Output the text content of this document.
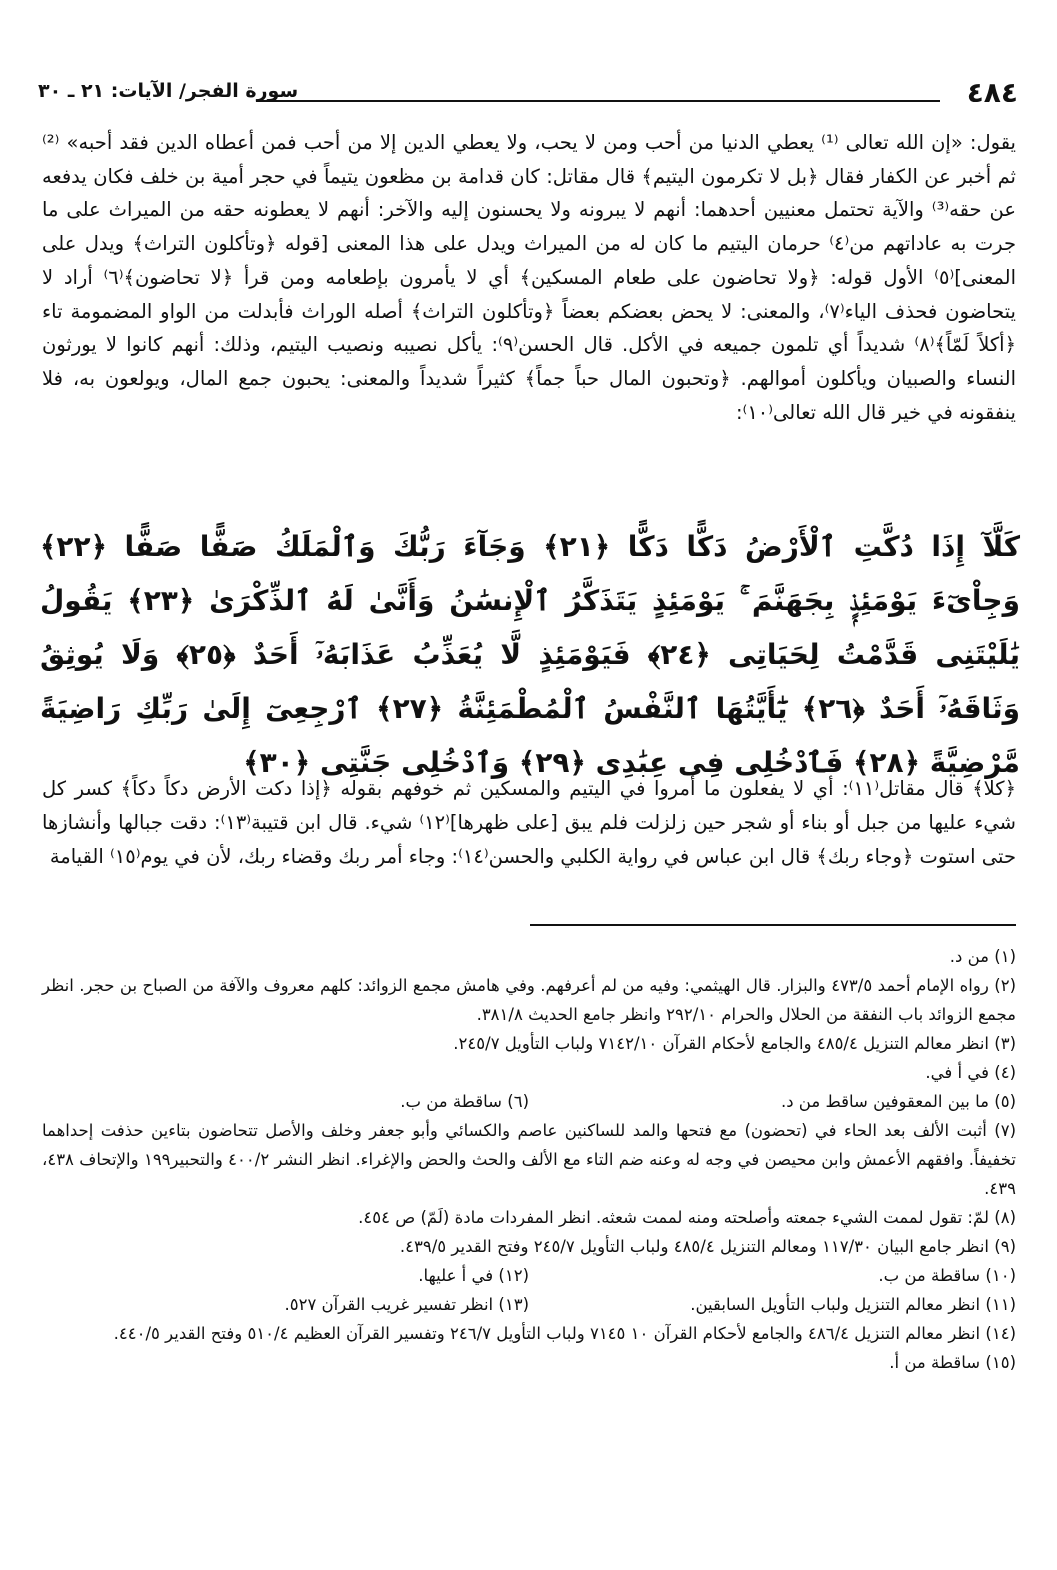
٤٨٤
سورة الفجر/ الآيات: ٢١ ـ ٣٠

يقول: «إن الله تعالى ⁽¹⁾ يعطي الدنيا من أحب ومن لا يحب، ولا يعطي الدين إلا من أحب فمن أعطاه الدين فقد أحبه» ⁽²⁾ ثم أخبر عن الكفار فقال ﴿بل لا تكرمون اليتيم﴾ قال مقاتل: كان قدامة بن مظعون يتيماً في حجر أمية بن خلف فكان يدفعه عن حقه⁽³⁾ والآية تحتمل معنيين أحدهما: أنهم لا يبرونه ولا يحسنون إليه والآخر: أنهم لا يعطونه حقه من الميراث على ما جرت به عاداتهم من⁽٤⁾ حرمان اليتيم ما كان له من الميراث ويدل على هذا المعنى [قوله ﴿وتأكلون التراث﴾ ويدل على المعنى]⁽٥⁾ الأول قوله: ﴿ولا تحاضون على طعام المسكين﴾ أي لا يأمرون بإطعامه ومن قرأ ﴿لا تحاضون﴾⁽٦⁾ أراد لا يتحاضون فحذف الياء⁽٧⁾، والمعنى: لا يحض بعضكم بعضاً ﴿وتأكلون التراث﴾ أصله الوراث فأبدلت من الواو المضمومة تاء ﴿أكلاً لَمّاً﴾⁽٨⁾ شديداً أي تلمون جميعه في الأكل. قال الحسن⁽٩⁾: يأكل نصيبه ونصيب اليتيم، وذلك: أنهم كانوا لا يورثون النساء والصبيان ويأكلون أموالهم. ﴿وتحبون المال حباً جماً﴾ كثيراً شديداً والمعنى: يحبون جمع المال، ويولعون به، فلا ينفقونه في خير قال الله تعالى⁽١٠⁾:

كَلَّآ إِذَا دُكَّتِ ٱلْأَرْضُ دَكًّا دَكًّا ﴿٢١﴾ وَجَآءَ رَبُّكَ وَٱلْمَلَكُ صَفًّا صَفًّا ﴿٢٢﴾ وَجِاْىٓءَ يَوْمَئِذٍۭ بِجَهَنَّمَ ۚ يَوْمَئِذٍ يَتَذَكَّرُ ٱلْإِنسَٰنُ وَأَنَّىٰ لَهُ ٱلذِّكْرَىٰ ﴿٢٣﴾ يَقُولُ يَٰلَيْتَنِى قَدَّمْتُ لِحَيَاتِى ﴿٢٤﴾ فَيَوْمَئِذٍ لَّا يُعَذِّبُ عَذَابَهُۥٓ أَحَدٌ ﴿٢٥﴾ وَلَا يُوثِقُ وَثَاقَهُۥٓ أَحَدٌ ﴿٢٦﴾ يَٰٓأَيَّتُهَا ٱلنَّفْسُ ٱلْمُطْمَئِنَّةُ ﴿٢٧﴾ ٱرْجِعِىٓ إِلَىٰ رَبِّكِ رَاضِيَةً مَّرْضِيَّةً ﴿٢٨﴾ فَٱدْخُلِى فِى عِبَٰدِى ﴿٢٩﴾ وَٱدْخُلِى جَنَّتِى ﴿٣٠﴾

﴿كلا﴾ قال مقاتل⁽١١⁾: أي لا يفعلون ما أمروا في اليتيم والمسكين ثم خوفهم بقوله ﴿إذا دكت الأرض دكاً دكاً﴾ كسر كل شيء عليها من جبل أو بناء أو شجر حين زلزلت فلم يبق [على ظهرها]⁽١٢⁾ شيء. قال ابن قتيبة⁽١٣⁾: دقت جبالها وأنشازها حتى استوت ﴿وجاء ربك﴾ قال ابن عباس في رواية الكلبي والحسن⁽١٤⁾: وجاء أمر ربك وقضاء ربك، لأن في يوم⁽١٥⁾ القيامة

(١) من د.

(٢) رواه الإمام أحمد ٤٧٣/٥ والبزار. قال الهيثمي: وفيه من لم أعرفهم. وفي هامش مجمع الزوائد: كلهم معروف والآفة من الصباح بن حجر. انظر مجمع الزوائد باب النفقة من الحلال والحرام ٢٩٢/١٠ وانظر جامع الحديث ٣٨١/٨.

(٣) انظر معالم التنزيل ٤٨٥/٤ والجامع لأحكام القرآن ٧١٤٢/١٠ ولباب التأويل ٢٤٥/٧.

(٤) في أ في.

(٥) ما بين المعقوفين ساقط من د.
(٦) ساقطة من ب.

(٧) أثبت الألف بعد الحاء في (تحضون) مع فتحها والمد للساكنين عاصم والكسائي وأبو جعفر وخلف والأصل تتحاضون بتاءين حذفت إحداهما تخفيفاً. وافقهم الأعمش وابن محيصن في وجه له وعنه ضم التاء مع الألف والحث والحض والإغراء. انظر النشر ٤٠٠/٢ والتحبير١٩٩ والإتحاف ٤٣٨، ٤٣٩.

(٨) لمّ: تقول لممت الشيء جمعته وأصلحته ومنه لممت شعثه. انظر المفردات مادة (لَمّ) ص ٤٥٤.

(٩) انظر جامع البيان ١١٧/٣٠ ومعالم التنزيل ٤٨٥/٤ ولباب التأويل ٢٤٥/٧ وفتح القدير ٤٣٩/٥.

(١٠) ساقطة من ب.
(١٢) في أ عليها.
(١١) انظر معالم التنزيل ولباب التأويل السابقين.
(١٣) انظر تفسير غريب القرآن ٥٢٧.

(١٤) انظر معالم التنزيل ٤٨٦/٤ والجامع لأحكام القرآن ١٠ ٧١٤٥ ولباب التأويل ٢٤٦/٧ وتفسير القرآن العظيم ٥١٠/٤ وفتح القدير ٤٤٠/٥.

(١٥) ساقطة من أ.
